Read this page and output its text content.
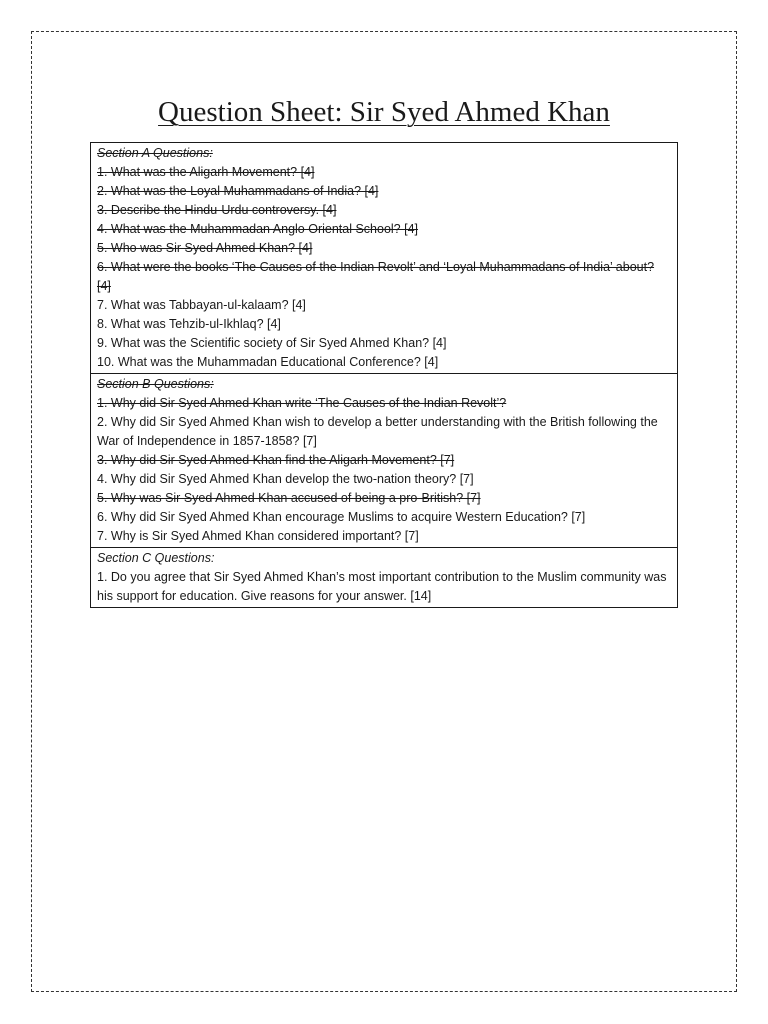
Question Sheet: Sir Syed Ahmed Khan
Section A Questions:
1. What was the Aligarh Movement? [4]
2. What was the Loyal Muhammadans of India? [4]
3. Describe the Hindu-Urdu controversy. [4]
4. What was the Muhammadan Anglo Oriental School? [4]
5. Who was Sir Syed Ahmed Khan? [4]
6. What were the books ‘The Causes of the Indian Revolt’ and ‘Loyal Muhammadans of India’ about? [4]
7. What was Tabbayan-ul-kalaam? [4]
8. What was Tehzib-ul-Ikhlaq? [4]
9. What was the Scientific society of Sir Syed Ahmed Khan? [4]
10. What was the Muhammadan Educational Conference? [4]
Section B Questions:
1. Why did Sir Syed Ahmed Khan write ‘The Causes of the Indian Revolt’?
2. Why did Sir Syed Ahmed Khan wish to develop a better understanding with the British following the War of Independence in 1857-1858? [7]
3. Why did Sir Syed Ahmed Khan find the Aligarh Movement? [7]
4. Why did Sir Syed Ahmed Khan develop the two-nation theory? [7]
5. Why was Sir Syed Ahmed Khan accused of being a pro-British? [7]
6. Why did Sir Syed Ahmed Khan encourage Muslims to acquire Western Education? [7]
7. Why is Sir Syed Ahmed Khan considered important? [7]
Section C Questions:
1. Do you agree that Sir Syed Ahmed Khan’s most important contribution to the Muslim community was his support for education. Give reasons for your answer. [14]
